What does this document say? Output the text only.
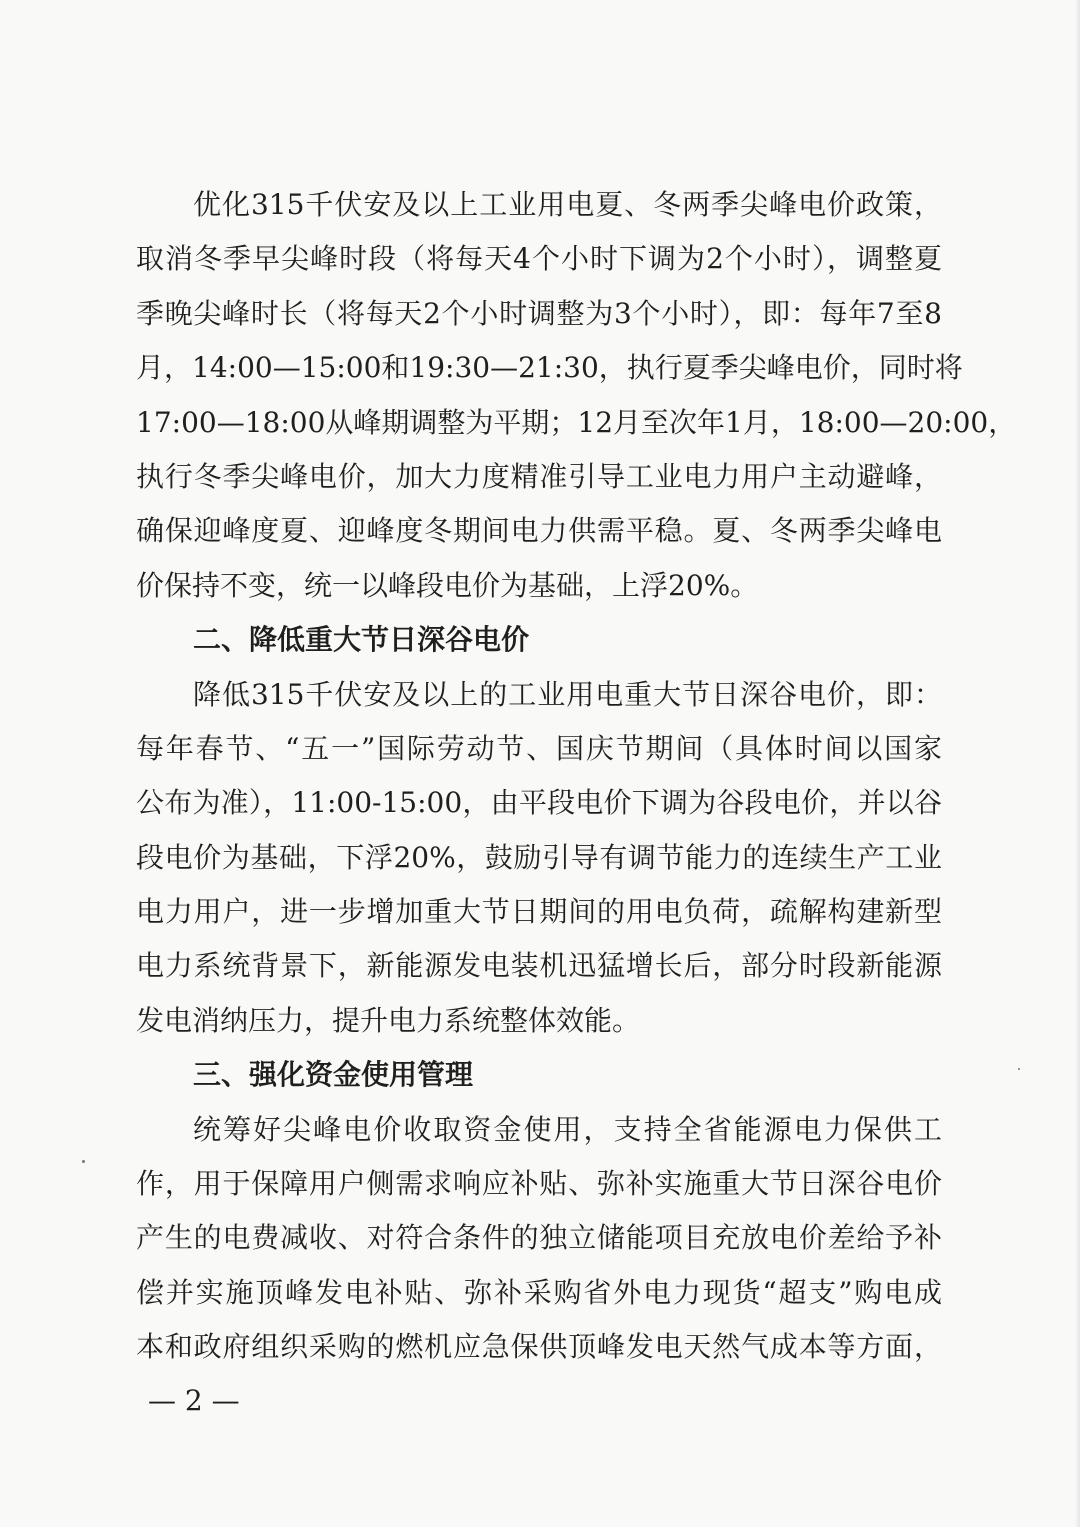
优化315千伏安及以上工业用电夏、冬两季尖峰电价政策，
取消冬季早尖峰时段（将每天4个小时下调为2个小时），调整夏
季晚尖峰时长（将每天2个小时调整为3个小时），即：每年7至8
月，14:00—15:00和19:30—21:30，执行夏季尖峰电价，同时将
17:00—18:00从峰期调整为平期；12月至次年1月，18:00—20:00，
执行冬季尖峰电价，加大力度精准引导工业电力用户主动避峰，
确保迎峰度夏、迎峰度冬期间电力供需平稳。夏、冬两季尖峰电
价保持不变，统一以峰段电价为基础，上浮20%。
二、降低重大节日深谷电价
降低315千伏安及以上的工业用电重大节日深谷电价，即：
每年春节、“五一”国际劳动节、国庆节期间（具体时间以国家
公布为准），11:00-15:00，由平段电价下调为谷段电价，并以谷
段电价为基础，下浮20%，鼓励引导有调节能力的连续生产工业
电力用户，进一步增加重大节日期间的用电负荷，疏解构建新型
电力系统背景下，新能源发电装机迅猛增长后，部分时段新能源
发电消纳压力，提升电力系统整体效能。
三、强化资金使用管理
统筹好尖峰电价收取资金使用，支持全省能源电力保供工
作，用于保障用户侧需求响应补贴、弥补实施重大节日深谷电价
产生的电费减收、对符合条件的独立储能项目充放电价差给予补
偿并实施顶峰发电补贴、弥补采购省外电力现货“超支”购电成
本和政府组织采购的燃机应急保供顶峰发电天然气成本等方面，
— 2 —
